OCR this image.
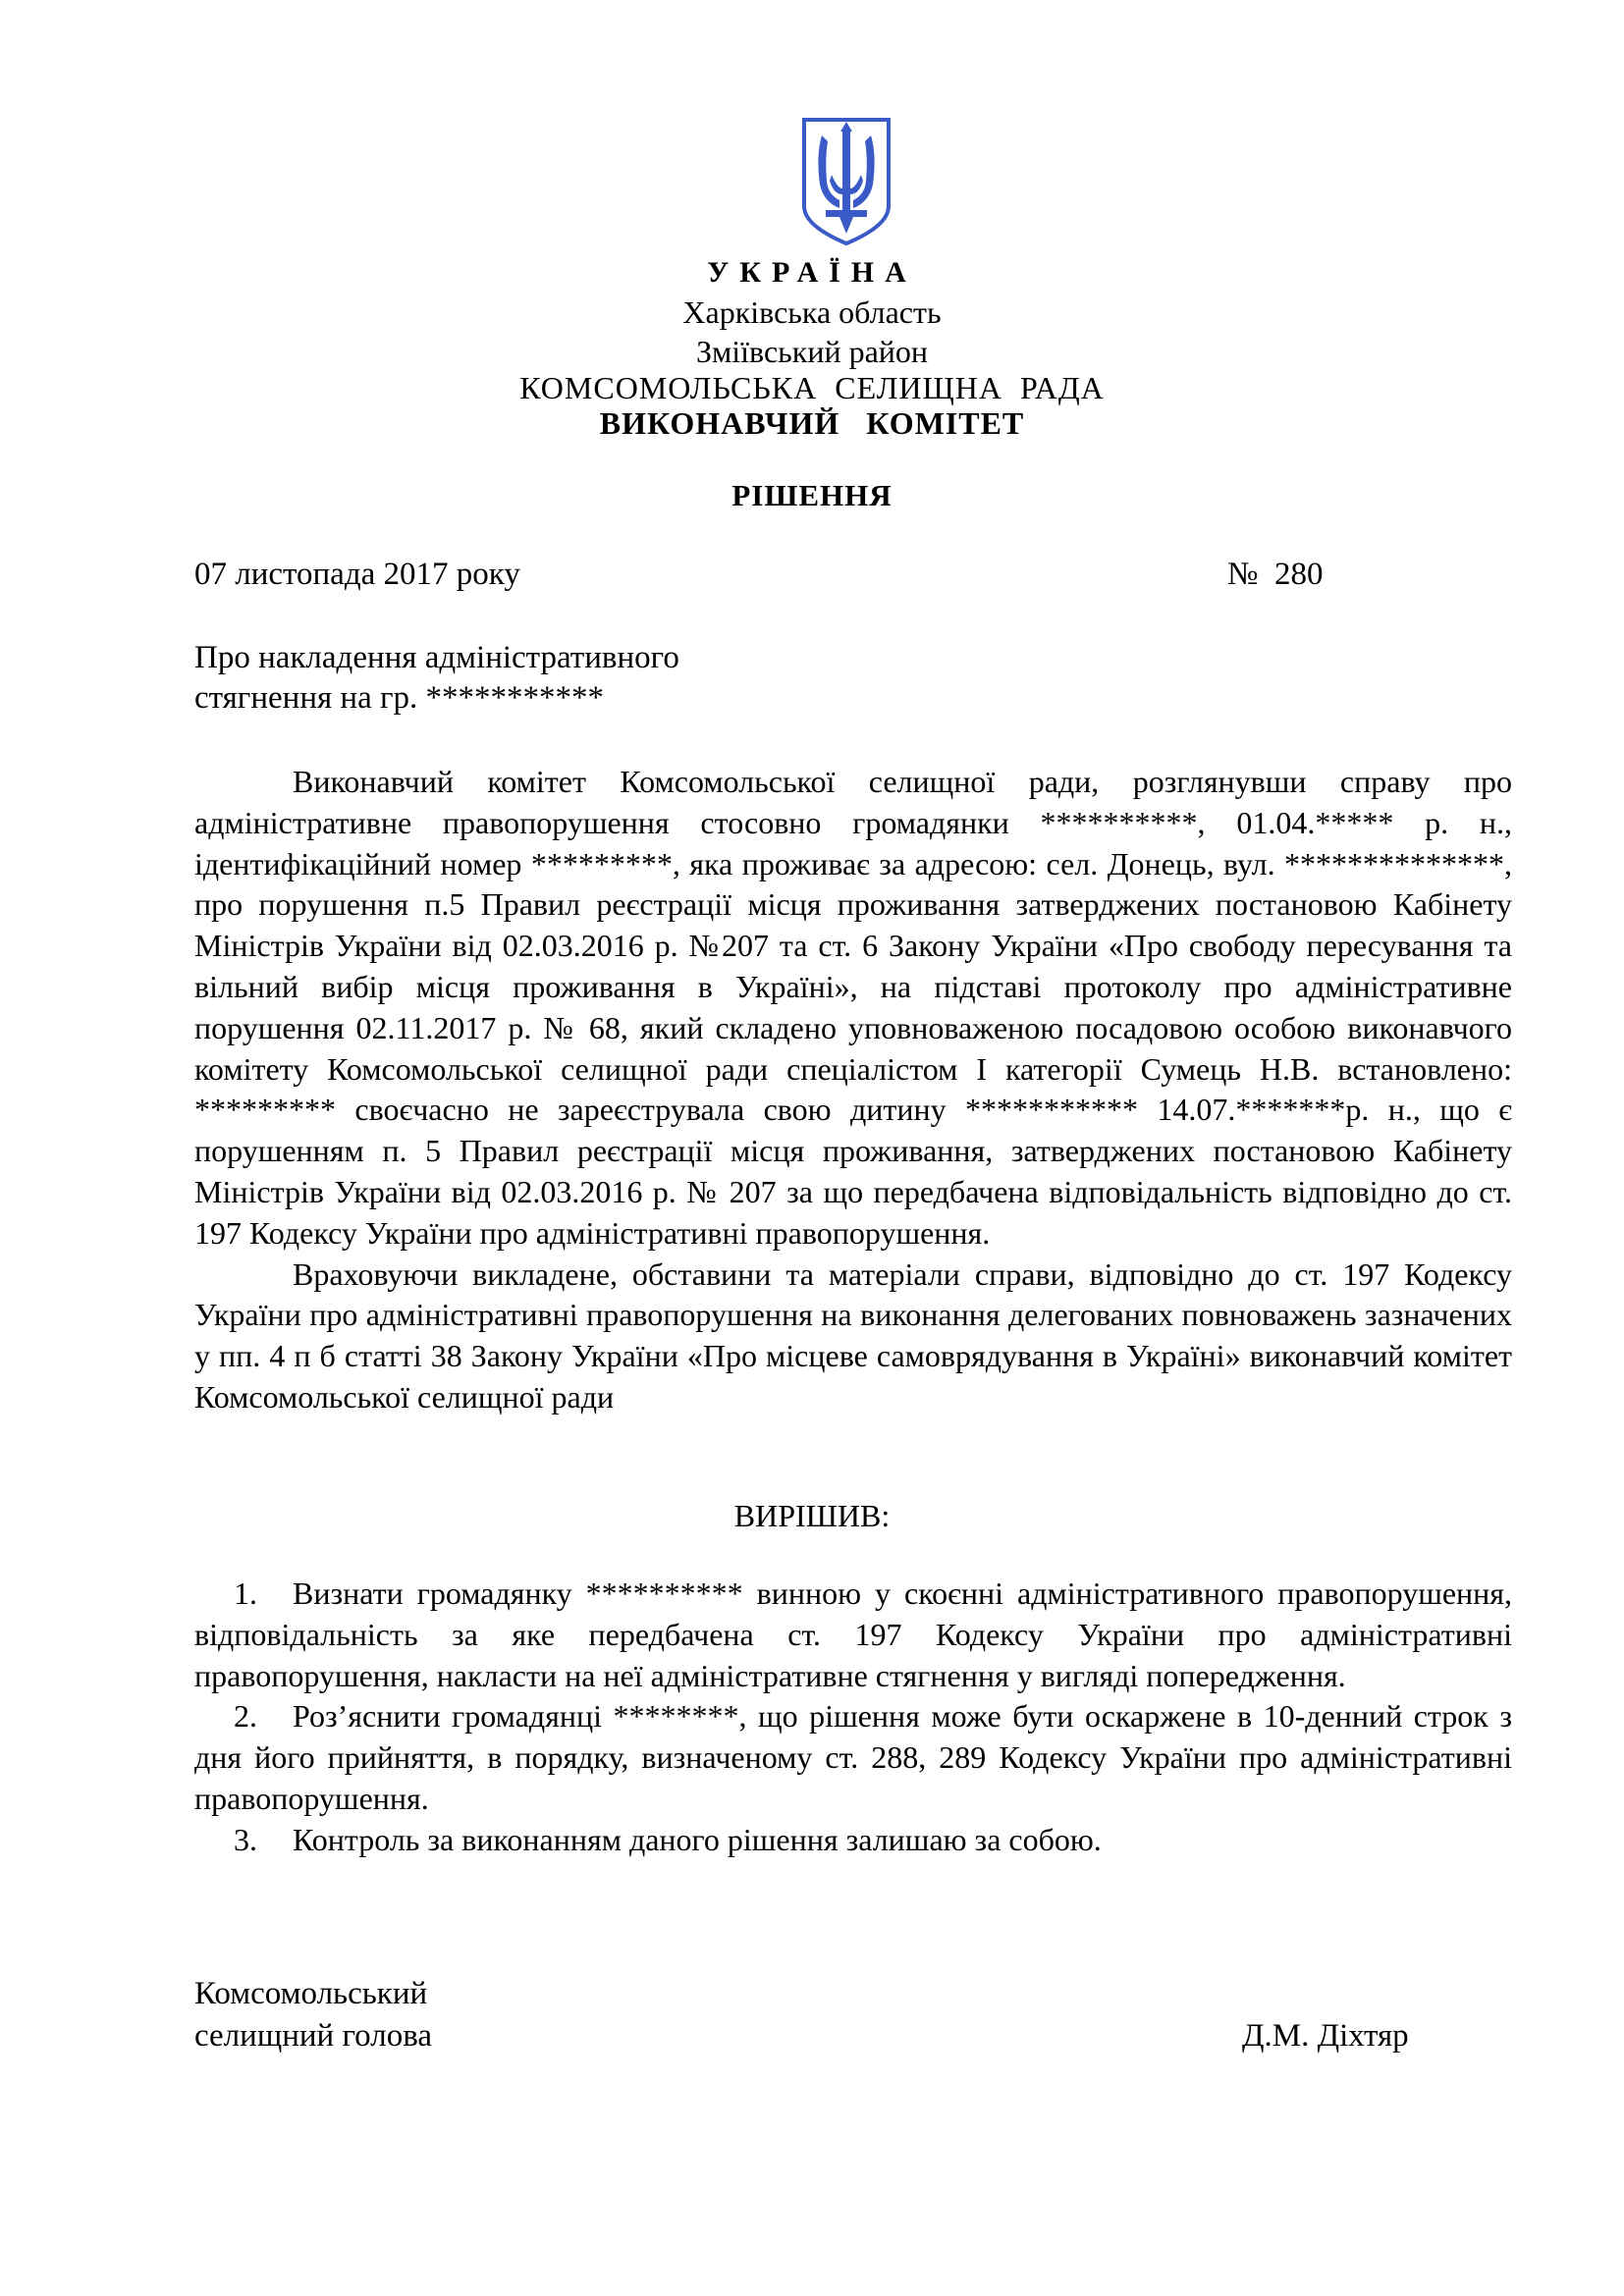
УКРАЇНА
Харківська область
Зміївський район
КОМСОМОЛЬСЬКА  СЕЛИЩНА  РАДА
ВИКОНАВЧИЙ   КОМІТЕТ
РІШЕННЯ
07 листопада 2017 року	№  280
Про накладення адміністративного
стягнення на гр. ***********

Виконавчий комітет Комсомольської селищної ради, розглянувши справу про адміністративне правопорушення стосовно громадянки **********, 01.04.***** р. н., ідентифікаційний номер *********, яка проживає за адресою: сел. Донець, вул. **************, про порушення п.5 Правил реєстрації місця проживання затверджених постановою Кабінету Міністрів України від 02.03.2016 р. №207 та ст. 6 Закону України «Про свободу пересування та вільний вибір місця проживання в Україні», на підставі протоколу про адміністративне порушення 02.11.2017 р. № 68, який складено уповноваженою посадовою особою виконавчого комітету Комсомольської селищної ради спеціалістом І категорії Сумець Н.В. встановлено: ********* своєчасно не зареєструвала свою дитину *********** 14.07.*******р. н., що є порушенням п. 5 Правил реєстрації місця проживання, затверджених постановою Кабінету Міністрів України від 02.03.2016 р. № 207 за що передбачена відповідальність відповідно до ст. 197 Кодексу України про адміністративні правопорушення.

Враховуючи викладене, обставини та матеріали справи, відповідно до ст. 197 Кодексу України про адміністративні правопорушення на виконання делегованих повноважень зазначених у пп. 4 п б статті 38 Закону України «Про місцеве самоврядування в Україні» виконавчий комітет Комсомольської селищної ради

ВИРІШИВ:
1. Визнати громадянку ********** винною у скоєнні адміністративного правопорушення, відповідальність за яке передбачена ст. 197 Кодексу України про адміністративні правопорушення, накласти на неї адміністративне стягнення у вигляді попередження.
2. Роз’яснити громадянці ********, що рішення може бути оскаржене в 10-денний строк з дня його прийняття, в порядку, визначеному ст. 288, 289 Кодексу України про адміністративні правопорушення.
3. Контроль за виконанням даного рішення залишаю за собою.
Комсомольський
селищний голова	Д.М. Діхтяр
